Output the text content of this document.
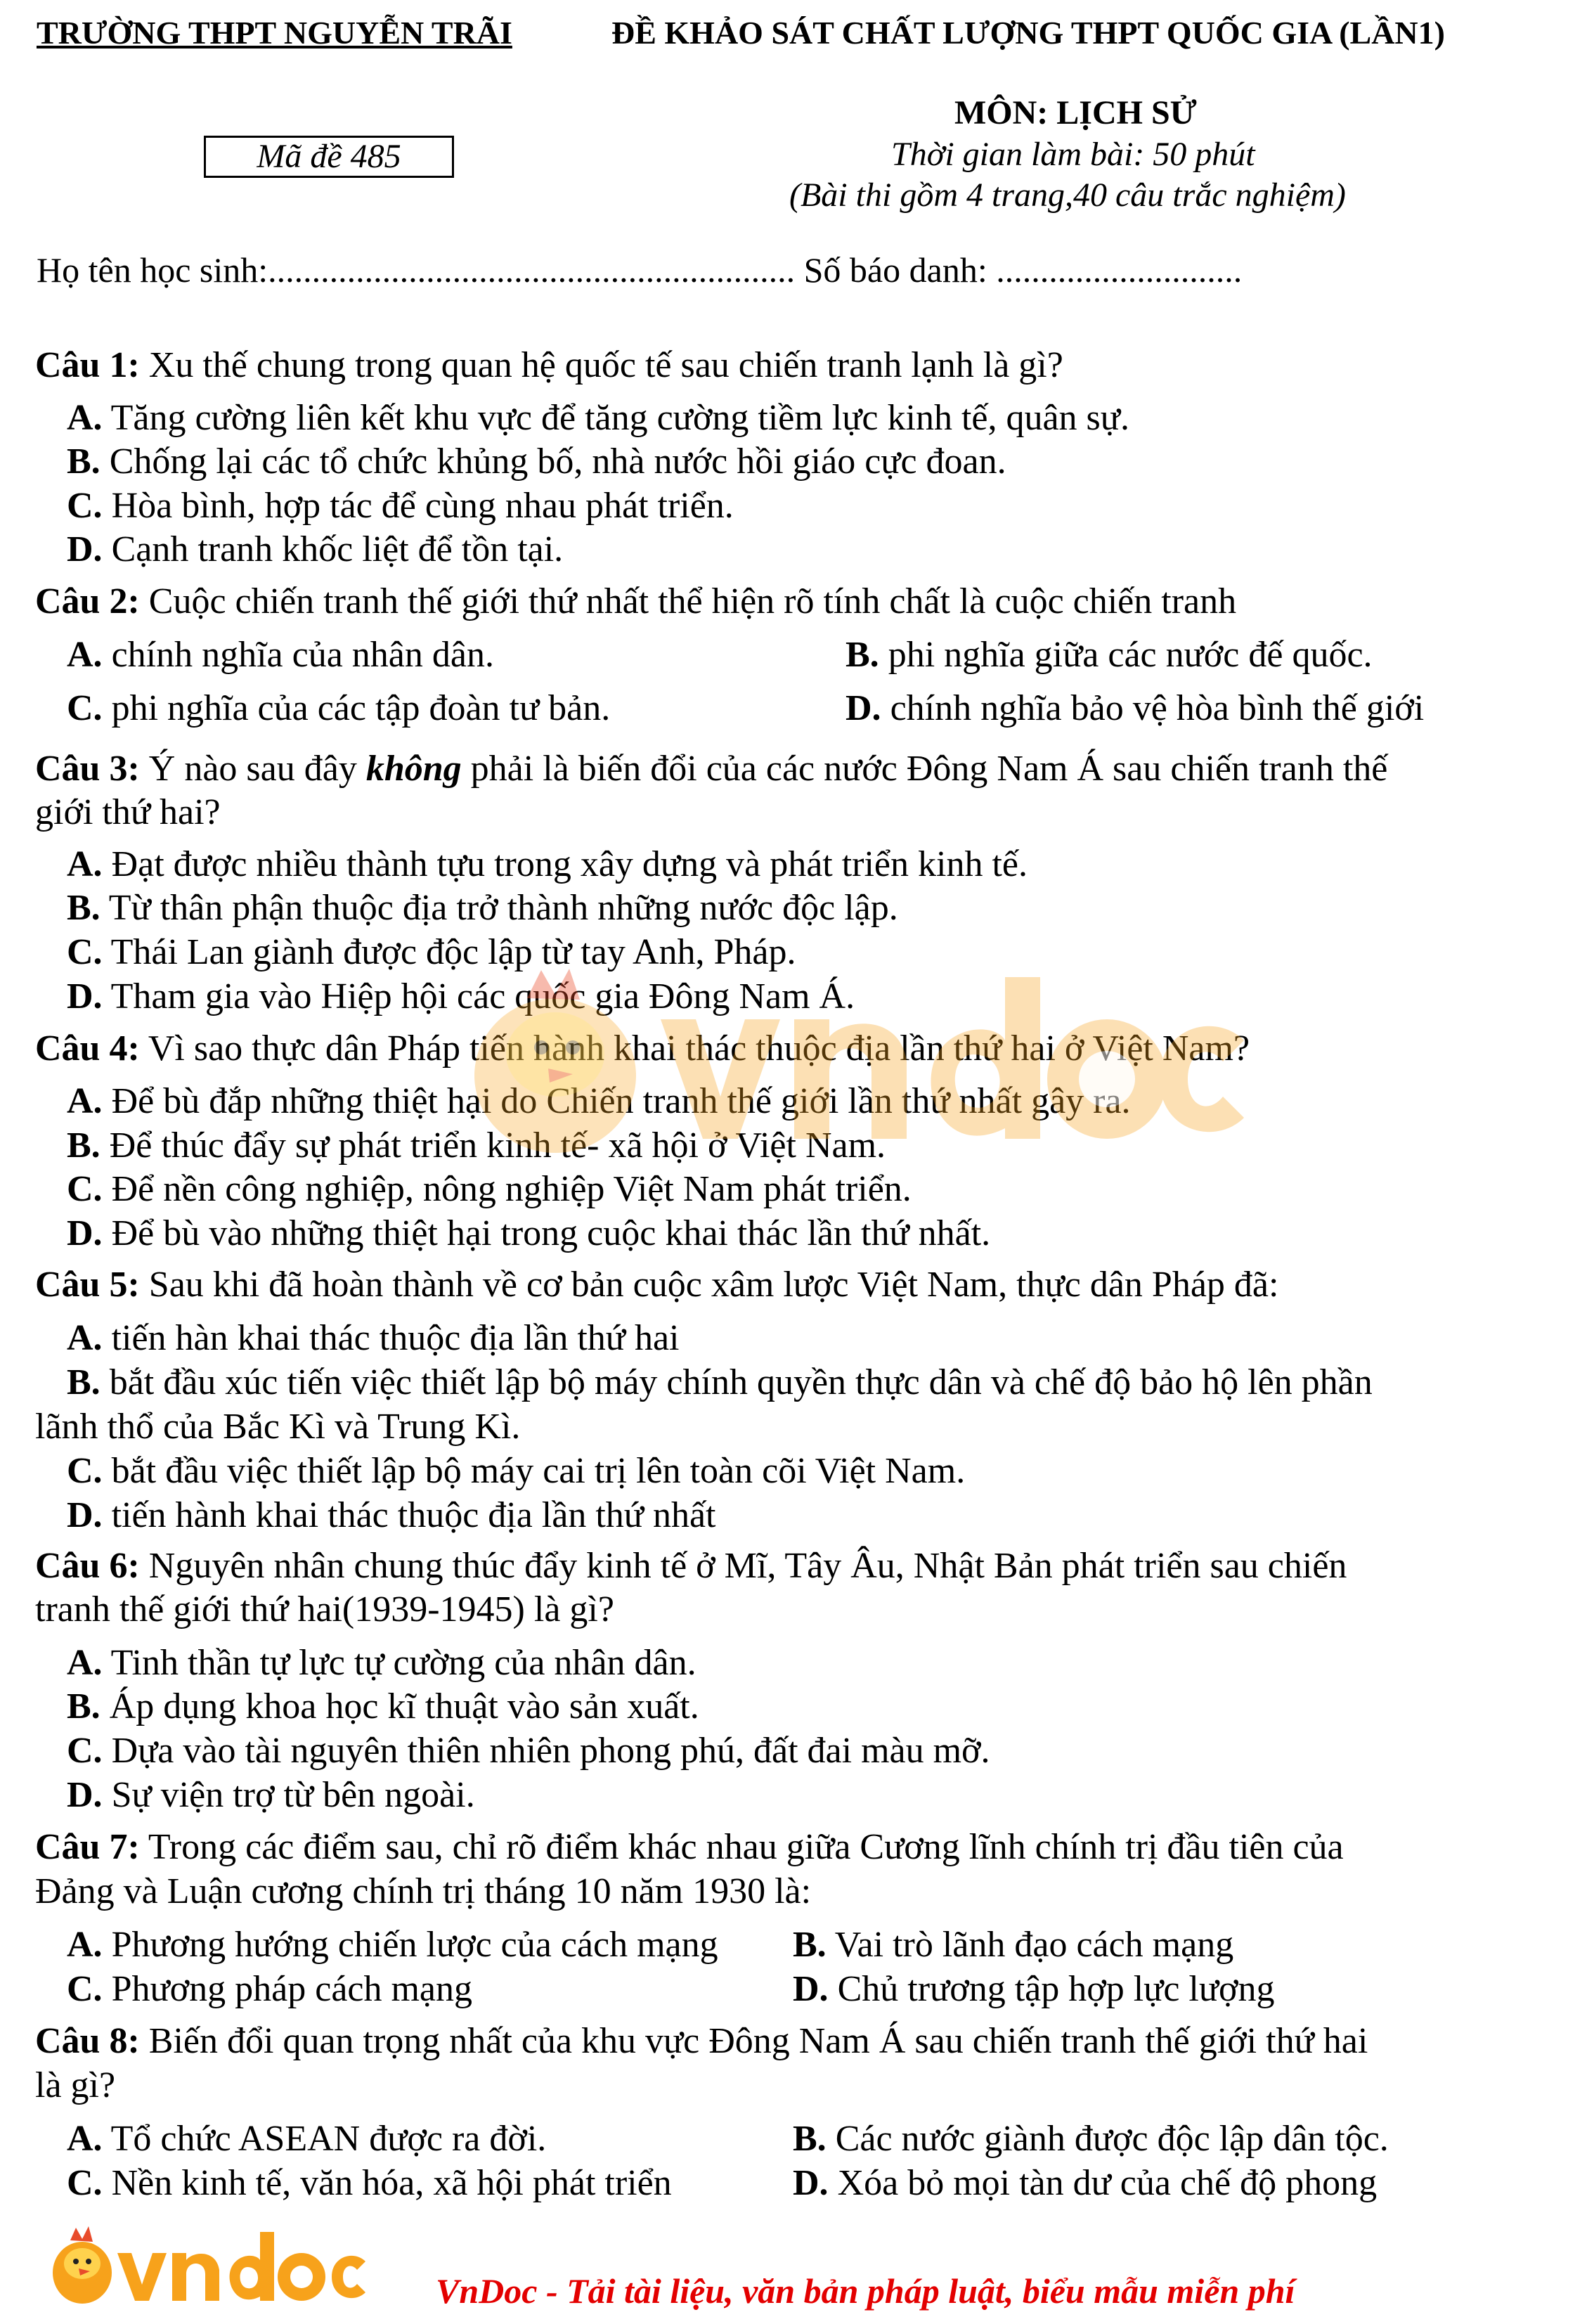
TRƯỜNG THPT NGUYỄN TRÃI	ĐỀ KHẢO SÁT CHẤT LƯỢNG THPT QUỐC GIA (LẦN1)
MÔN: LỊCH SỬ
Mã đề 485	Thời gian làm bài: 50 phút
(Bài thi gồm 4 trang,40 câu trắc nghiệm)
Họ tên học sinh:............................................................ Số báo danh: ............................
Câu 1: Xu thế chung trong quan hệ quốc tế sau chiến tranh lạnh là gì?
A. Tăng cường liên kết khu vực để tăng cường tiềm lực kinh tế, quân sự.
B. Chống lại các tổ chức khủng bố, nhà nước hồi giáo cực đoan.
C. Hòa bình, hợp tác để cùng nhau phát triển.
D. Cạnh tranh khốc liệt để tồn tại.
Câu 2: Cuộc chiến tranh thế giới thứ nhất thể hiện rõ tính chất là cuộc chiến tranh
A. chính nghĩa của nhân dân.	B. phi nghĩa giữa các nước đế quốc.
C. phi nghĩa của các tập đoàn tư bản.	D. chính nghĩa bảo vệ hòa bình thế giới
Câu 3: Ý nào sau đây không phải là biến đổi của các nước Đông Nam Á sau chiến tranh thế
giới thứ hai?
A. Đạt được nhiều thành tựu trong xây dựng và phát triển kinh tế.
B. Từ thân phận thuộc địa trở thành những nước độc lập.
C. Thái Lan giành được độc lập từ tay Anh, Pháp.
D. Tham gia vào Hiệp hội các quốc gia Đông Nam Á.
Câu 4: Vì sao thực dân Pháp tiến hành khai thác thuộc địa lần thứ hai ở Việt Nam?
A. Để bù đắp những thiệt hại do Chiến tranh thế giới lần thứ nhất gây ra.
B. Để thúc đẩy sự phát triển kinh tế- xã hội ở Việt Nam.
C. Để nền công nghiệp, nông nghiệp Việt Nam phát triển.
D. Để bù vào những thiệt hại trong cuộc khai thác lần thứ nhất.
Câu 5: Sau khi đã hoàn thành về cơ bản cuộc xâm lược Việt Nam, thực dân Pháp đã:
A. tiến hàn khai thác thuộc địa lần thứ hai
B. bắt đầu xúc tiến việc thiết lập bộ máy chính quyền thực dân và chế độ bảo hộ lên phần
lãnh thổ của Bắc Kì và Trung Kì.
C. bắt đầu việc thiết lập bộ máy cai trị lên toàn cõi Việt Nam.
D. tiến hành khai thác thuộc địa lần thứ nhất
Câu 6: Nguyên nhân chung thúc đẩy kinh tế ở Mĩ, Tây Âu, Nhật Bản phát triển sau chiến
tranh thế giới thứ hai(1939-1945) là gì?
A. Tinh thần tự lực tự cường của nhân dân.
B. Áp dụng khoa học kĩ thuật vào sản xuất.
C. Dựa vào tài nguyên thiên nhiên phong phú, đất đai màu mỡ.
D. Sự viện trợ từ bên ngoài.
Câu 7: Trong các điểm sau, chỉ rõ điểm khác nhau giữa Cương lĩnh chính trị đầu tiên của
Đảng và Luận cương chính trị tháng 10 năm 1930 là:
A. Phương hướng chiến lược của cách mạng B. Vai trò lãnh đạo cách mạng
C. Phương pháp cách mạng	D. Chủ trương tập hợp lực lượng
Câu 8: Biến đổi quan trọng nhất của khu vực Đông Nam Á sau chiến tranh thế giới thứ hai
là gì?
A. Tổ chức ASEAN được ra đời.	B. Các nước giành được độc lập dân tộc.
C. Nền kinh tế, văn hóa, xã hội phát triển	D. Xóa bỏ mọi tàn dư của chế độ phong
VnDoc - Tải tài liệu, văn bản pháp luật, biểu mẫu miễn phí
